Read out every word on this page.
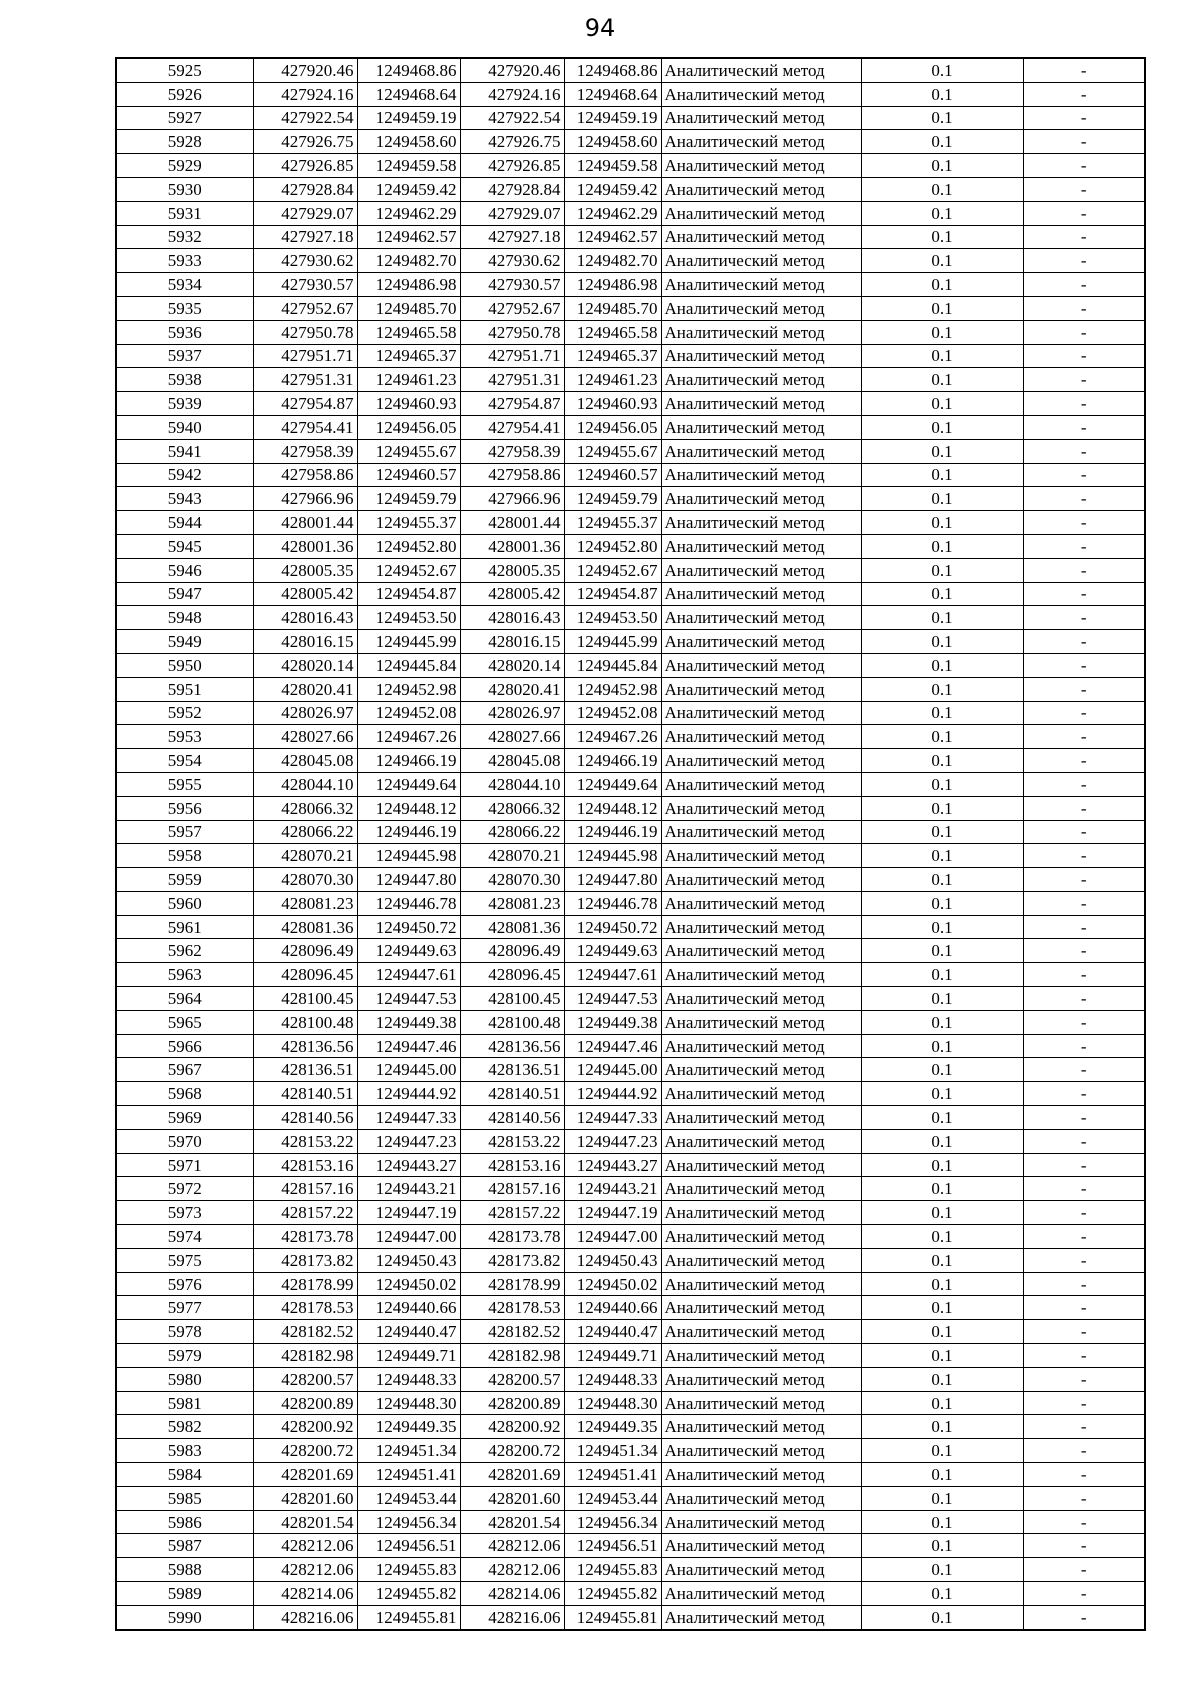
94
5925	427920.46	1249468.86	427920.46	1249468.86	Аналитический метод	0.1	-
5926	427924.16	1249468.64	427924.16	1249468.64	Аналитический метод	0.1	-
5927	427922.54	1249459.19	427922.54	1249459.19	Аналитический метод	0.1	-
5928	427926.75	1249458.60	427926.75	1249458.60	Аналитический метод	0.1	-
5929	427926.85	1249459.58	427926.85	1249459.58	Аналитический метод	0.1	-
5930	427928.84	1249459.42	427928.84	1249459.42	Аналитический метод	0.1	-
5931	427929.07	1249462.29	427929.07	1249462.29	Аналитический метод	0.1	-
5932	427927.18	1249462.57	427927.18	1249462.57	Аналитический метод	0.1	-
5933	427930.62	1249482.70	427930.62	1249482.70	Аналитический метод	0.1	-
5934	427930.57	1249486.98	427930.57	1249486.98	Аналитический метод	0.1	-
5935	427952.67	1249485.70	427952.67	1249485.70	Аналитический метод	0.1	-
5936	427950.78	1249465.58	427950.78	1249465.58	Аналитический метод	0.1	-
5937	427951.71	1249465.37	427951.71	1249465.37	Аналитический метод	0.1	-
5938	427951.31	1249461.23	427951.31	1249461.23	Аналитический метод	0.1	-
5939	427954.87	1249460.93	427954.87	1249460.93	Аналитический метод	0.1	-
5940	427954.41	1249456.05	427954.41	1249456.05	Аналитический метод	0.1	-
5941	427958.39	1249455.67	427958.39	1249455.67	Аналитический метод	0.1	-
5942	427958.86	1249460.57	427958.86	1249460.57	Аналитический метод	0.1	-
5943	427966.96	1249459.79	427966.96	1249459.79	Аналитический метод	0.1	-
5944	428001.44	1249455.37	428001.44	1249455.37	Аналитический метод	0.1	-
5945	428001.36	1249452.80	428001.36	1249452.80	Аналитический метод	0.1	-
5946	428005.35	1249452.67	428005.35	1249452.67	Аналитический метод	0.1	-
5947	428005.42	1249454.87	428005.42	1249454.87	Аналитический метод	0.1	-
5948	428016.43	1249453.50	428016.43	1249453.50	Аналитический метод	0.1	-
5949	428016.15	1249445.99	428016.15	1249445.99	Аналитический метод	0.1	-
5950	428020.14	1249445.84	428020.14	1249445.84	Аналитический метод	0.1	-
5951	428020.41	1249452.98	428020.41	1249452.98	Аналитический метод	0.1	-
5952	428026.97	1249452.08	428026.97	1249452.08	Аналитический метод	0.1	-
5953	428027.66	1249467.26	428027.66	1249467.26	Аналитический метод	0.1	-
5954	428045.08	1249466.19	428045.08	1249466.19	Аналитический метод	0.1	-
5955	428044.10	1249449.64	428044.10	1249449.64	Аналитический метод	0.1	-
5956	428066.32	1249448.12	428066.32	1249448.12	Аналитический метод	0.1	-
5957	428066.22	1249446.19	428066.22	1249446.19	Аналитический метод	0.1	-
5958	428070.21	1249445.98	428070.21	1249445.98	Аналитический метод	0.1	-
5959	428070.30	1249447.80	428070.30	1249447.80	Аналитический метод	0.1	-
5960	428081.23	1249446.78	428081.23	1249446.78	Аналитический метод	0.1	-
5961	428081.36	1249450.72	428081.36	1249450.72	Аналитический метод	0.1	-
5962	428096.49	1249449.63	428096.49	1249449.63	Аналитический метод	0.1	-
5963	428096.45	1249447.61	428096.45	1249447.61	Аналитический метод	0.1	-
5964	428100.45	1249447.53	428100.45	1249447.53	Аналитический метод	0.1	-
5965	428100.48	1249449.38	428100.48	1249449.38	Аналитический метод	0.1	-
5966	428136.56	1249447.46	428136.56	1249447.46	Аналитический метод	0.1	-
5967	428136.51	1249445.00	428136.51	1249445.00	Аналитический метод	0.1	-
5968	428140.51	1249444.92	428140.51	1249444.92	Аналитический метод	0.1	-
5969	428140.56	1249447.33	428140.56	1249447.33	Аналитический метод	0.1	-
5970	428153.22	1249447.23	428153.22	1249447.23	Аналитический метод	0.1	-
5971	428153.16	1249443.27	428153.16	1249443.27	Аналитический метод	0.1	-
5972	428157.16	1249443.21	428157.16	1249443.21	Аналитический метод	0.1	-
5973	428157.22	1249447.19	428157.22	1249447.19	Аналитический метод	0.1	-
5974	428173.78	1249447.00	428173.78	1249447.00	Аналитический метод	0.1	-
5975	428173.82	1249450.43	428173.82	1249450.43	Аналитический метод	0.1	-
5976	428178.99	1249450.02	428178.99	1249450.02	Аналитический метод	0.1	-
5977	428178.53	1249440.66	428178.53	1249440.66	Аналитический метод	0.1	-
5978	428182.52	1249440.47	428182.52	1249440.47	Аналитический метод	0.1	-
5979	428182.98	1249449.71	428182.98	1249449.71	Аналитический метод	0.1	-
5980	428200.57	1249448.33	428200.57	1249448.33	Аналитический метод	0.1	-
5981	428200.89	1249448.30	428200.89	1249448.30	Аналитический метод	0.1	-
5982	428200.92	1249449.35	428200.92	1249449.35	Аналитический метод	0.1	-
5983	428200.72	1249451.34	428200.72	1249451.34	Аналитический метод	0.1	-
5984	428201.69	1249451.41	428201.69	1249451.41	Аналитический метод	0.1	-
5985	428201.60	1249453.44	428201.60	1249453.44	Аналитический метод	0.1	-
5986	428201.54	1249456.34	428201.54	1249456.34	Аналитический метод	0.1	-
5987	428212.06	1249456.51	428212.06	1249456.51	Аналитический метод	0.1	-
5988	428212.06	1249455.83	428212.06	1249455.83	Аналитический метод	0.1	-
5989	428214.06	1249455.82	428214.06	1249455.82	Аналитический метод	0.1	-
5990	428216.06	1249455.81	428216.06	1249455.81	Аналитический метод	0.1	-
